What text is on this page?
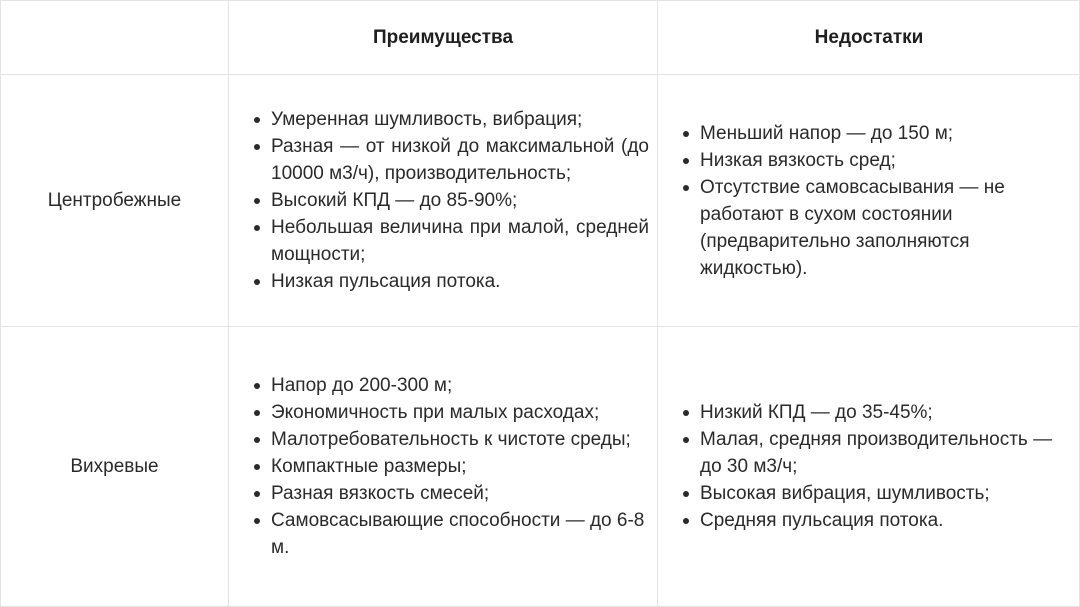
Преимущества	Недостатки
Центробежные
Умеренная шумливость, вибрация;
Разная — от низкой до максимальной (до 10000 м3/ч), производительность;
Высокий КПД — до 85-90%;
Небольшая величина при малой, средней мощности;
Низкая пульсация потока.
Меньший напор — до 150 м;
Низкая вязкость сред;
Отсутствие самовсасывания — не работают в сухом состоянии (предварительно заполняются жидкостью).
Вихревые
Напор до 200-300 м;
Экономичность при малых расходах;
Малотребовательность к чистоте среды;
Компактные размеры;
Разная вязкость смесей;
Самовсасывающие способности — до 6-8 м.
Низкий КПД — до 35-45%;
Малая, средняя производительность — до 30 м3/ч;
Высокая вибрация, шумливость;
Средняя пульсация потока.
